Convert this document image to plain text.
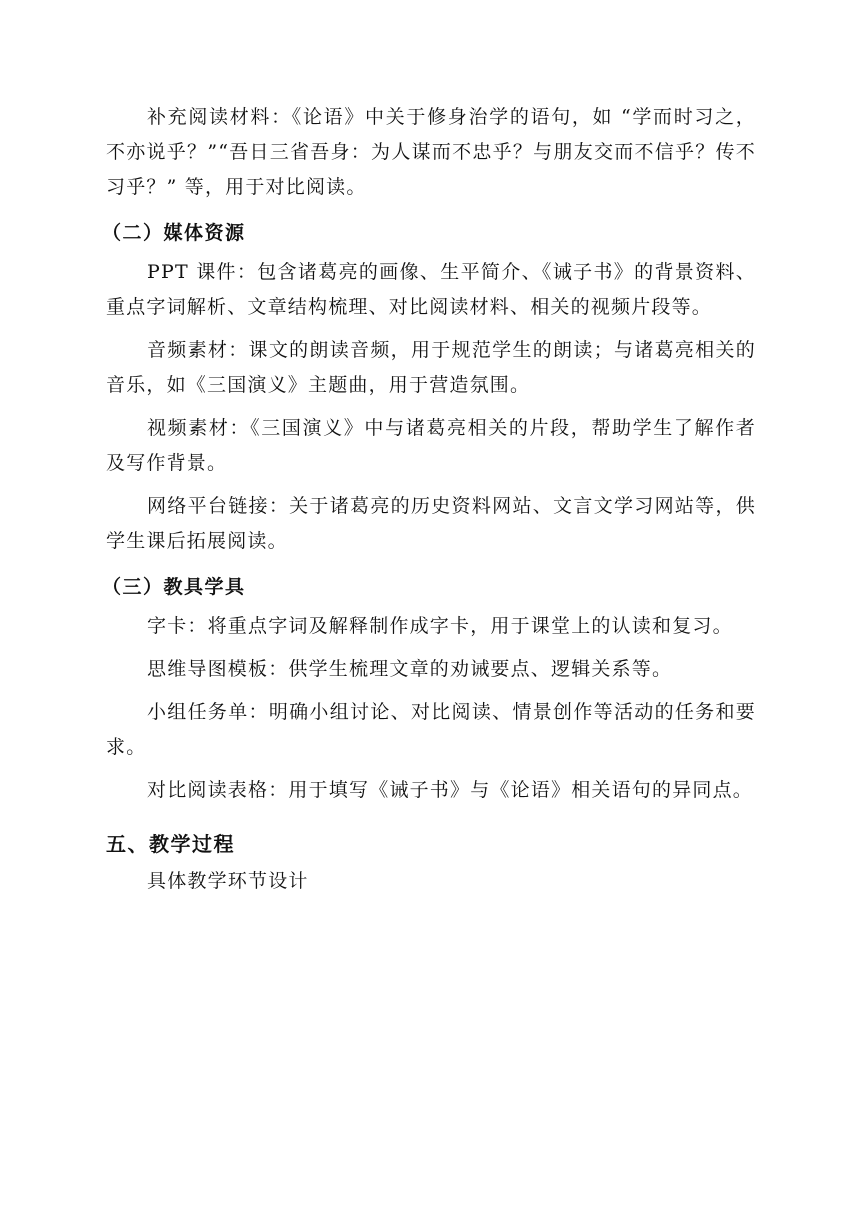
补充阅读材料：《论语》中关于修身治学的语句，如 “学而时习之，不亦说乎？”“吾日三省吾身：为人谋而不忠乎？与朋友交而不信乎？传不习乎？” 等，用于对比阅读。

（二）媒体资源

PPT 课件：包含诸葛亮的画像、生平简介、《诫子书》的背景资料、重点字词解析、文章结构梳理、对比阅读材料、相关的视频片段等。

音频素材：课文的朗读音频，用于规范学生的朗读；与诸葛亮相关的音乐，如《三国演义》主题曲，用于营造氛围。

视频素材：《三国演义》中与诸葛亮相关的片段，帮助学生了解作者及写作背景。

网络平台链接：关于诸葛亮的历史资料网站、文言文学习网站等，供学生课后拓展阅读。

（三）教具学具

字卡：将重点字词及解释制作成字卡，用于课堂上的认读和复习。

思维导图模板：供学生梳理文章的劝诫要点、逻辑关系等。

小组任务单：明确小组讨论、对比阅读、情景创作等活动的任务和要求。

对比阅读表格：用于填写《诫子书》与《论语》相关语句的异同点。

五、教学过程

具体教学环节设计
